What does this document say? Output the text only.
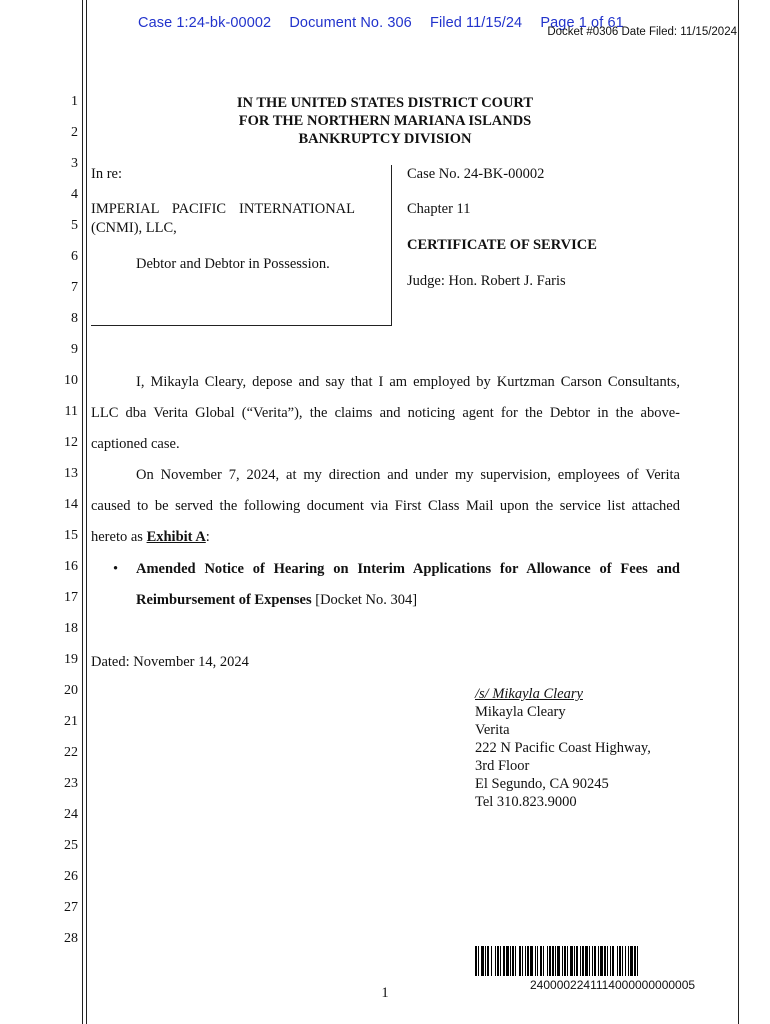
Case 1:24-bk-00002 Document No. 306 Filed 11/15/24 Page 1 of 61
Docket #0306 Date Filed: 11/15/2024
1
2
3
4
5
6
7
8
9
10
11
12
13
14
15
16
17
18
19
20
21
22
23
24
25
26
27
28
IN THE UNITED STATES DISTRICT COURT
FOR THE NORTHERN MARIANA ISLANDS
BANKRUPTCY DIVISION
In re:
IMPERIAL PACIFIC INTERNATIONAL
(CNMI), LLC,
Debtor and Debtor in Possession.
Case No. 24-BK-00002
Chapter 11
CERTIFICATE OF SERVICE
Judge: Hon. Robert J. Faris
I, Mikayla Cleary, depose and say that I am employed by Kurtzman Carson Consultants,
LLC dba Verita Global (“Verita”), the claims and noticing agent for the Debtor in the above-
captioned case.
On November 7, 2024, at my direction and under my supervision, employees of Verita
caused to be served the following document via First Class Mail upon the service list attached
hereto as Exhibit A:
• Amended Notice of Hearing on Interim Applications for Allowance of Fees and
Reimbursement of Expenses [Docket No. 304]
Dated: November 14, 2024
/s/ Mikayla Cleary
Mikayla Cleary
Verita
222 N Pacific Coast Highway,
3rd Floor
El Segundo, CA 90245
Tel 310.823.9000
2400002241114000000000005
1
